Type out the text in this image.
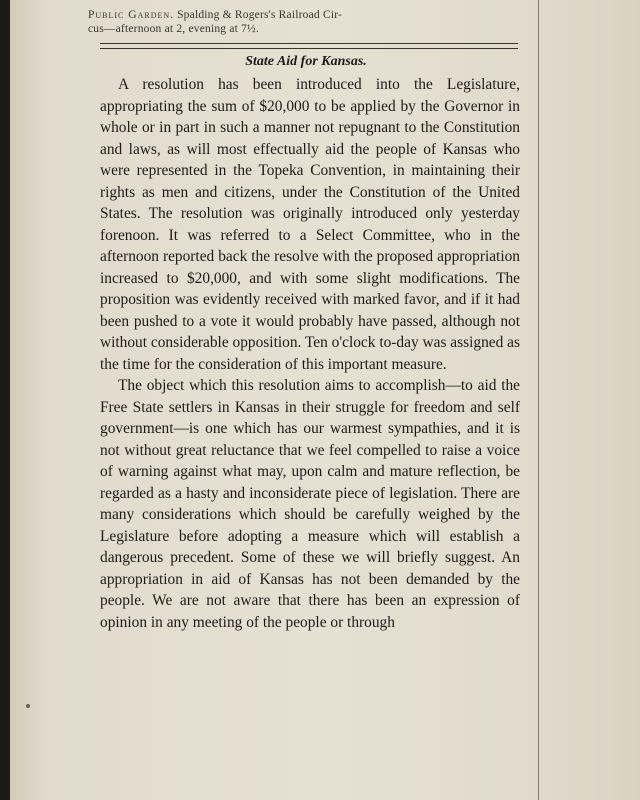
Public Garden. Spalding & Rogers's Railroad Cir-
cus—afternoon at 2, evening at 7½.
State Aid for Kansas.

A resolution has been introduced into the Legislature, appropriating the sum of $20,000 to be applied by the Governor in whole or in part in such a manner not repugnant to the Constitution and laws, as will most effectually aid the people of Kansas who were represented in the Topeka Convention, in maintaining their rights as men and citizens, under the Constitution of the United States. The resolution was originally introduced only yesterday forenoon. It was referred to a Select Committee, who in the afternoon reported back the resolve with the proposed appropriation increased to $20,000, and with some slight modifications. The proposition was evidently received with marked favor, and if it had been pushed to a vote it would probably have passed, although not without considerable opposition. Ten o'clock to-day was assigned as the time for the consideration of this important measure.

The object which this resolution aims to accomplish—to aid the Free State settlers in Kansas in their struggle for freedom and self government—is one which has our warmest sympathies, and it is not without great reluctance that we feel compelled to raise a voice of warning against what may, upon calm and mature reflection, be regarded as a hasty and inconsiderate piece of legislation. There are many considerations which should be carefully weighed by the Legislature before adopting a measure which will establish a dangerous precedent. Some of these we will briefly suggest. An appropriation in aid of Kansas has not been demanded by the people. We are not aware that there has been an expression of opinion in any meeting of the people or through
